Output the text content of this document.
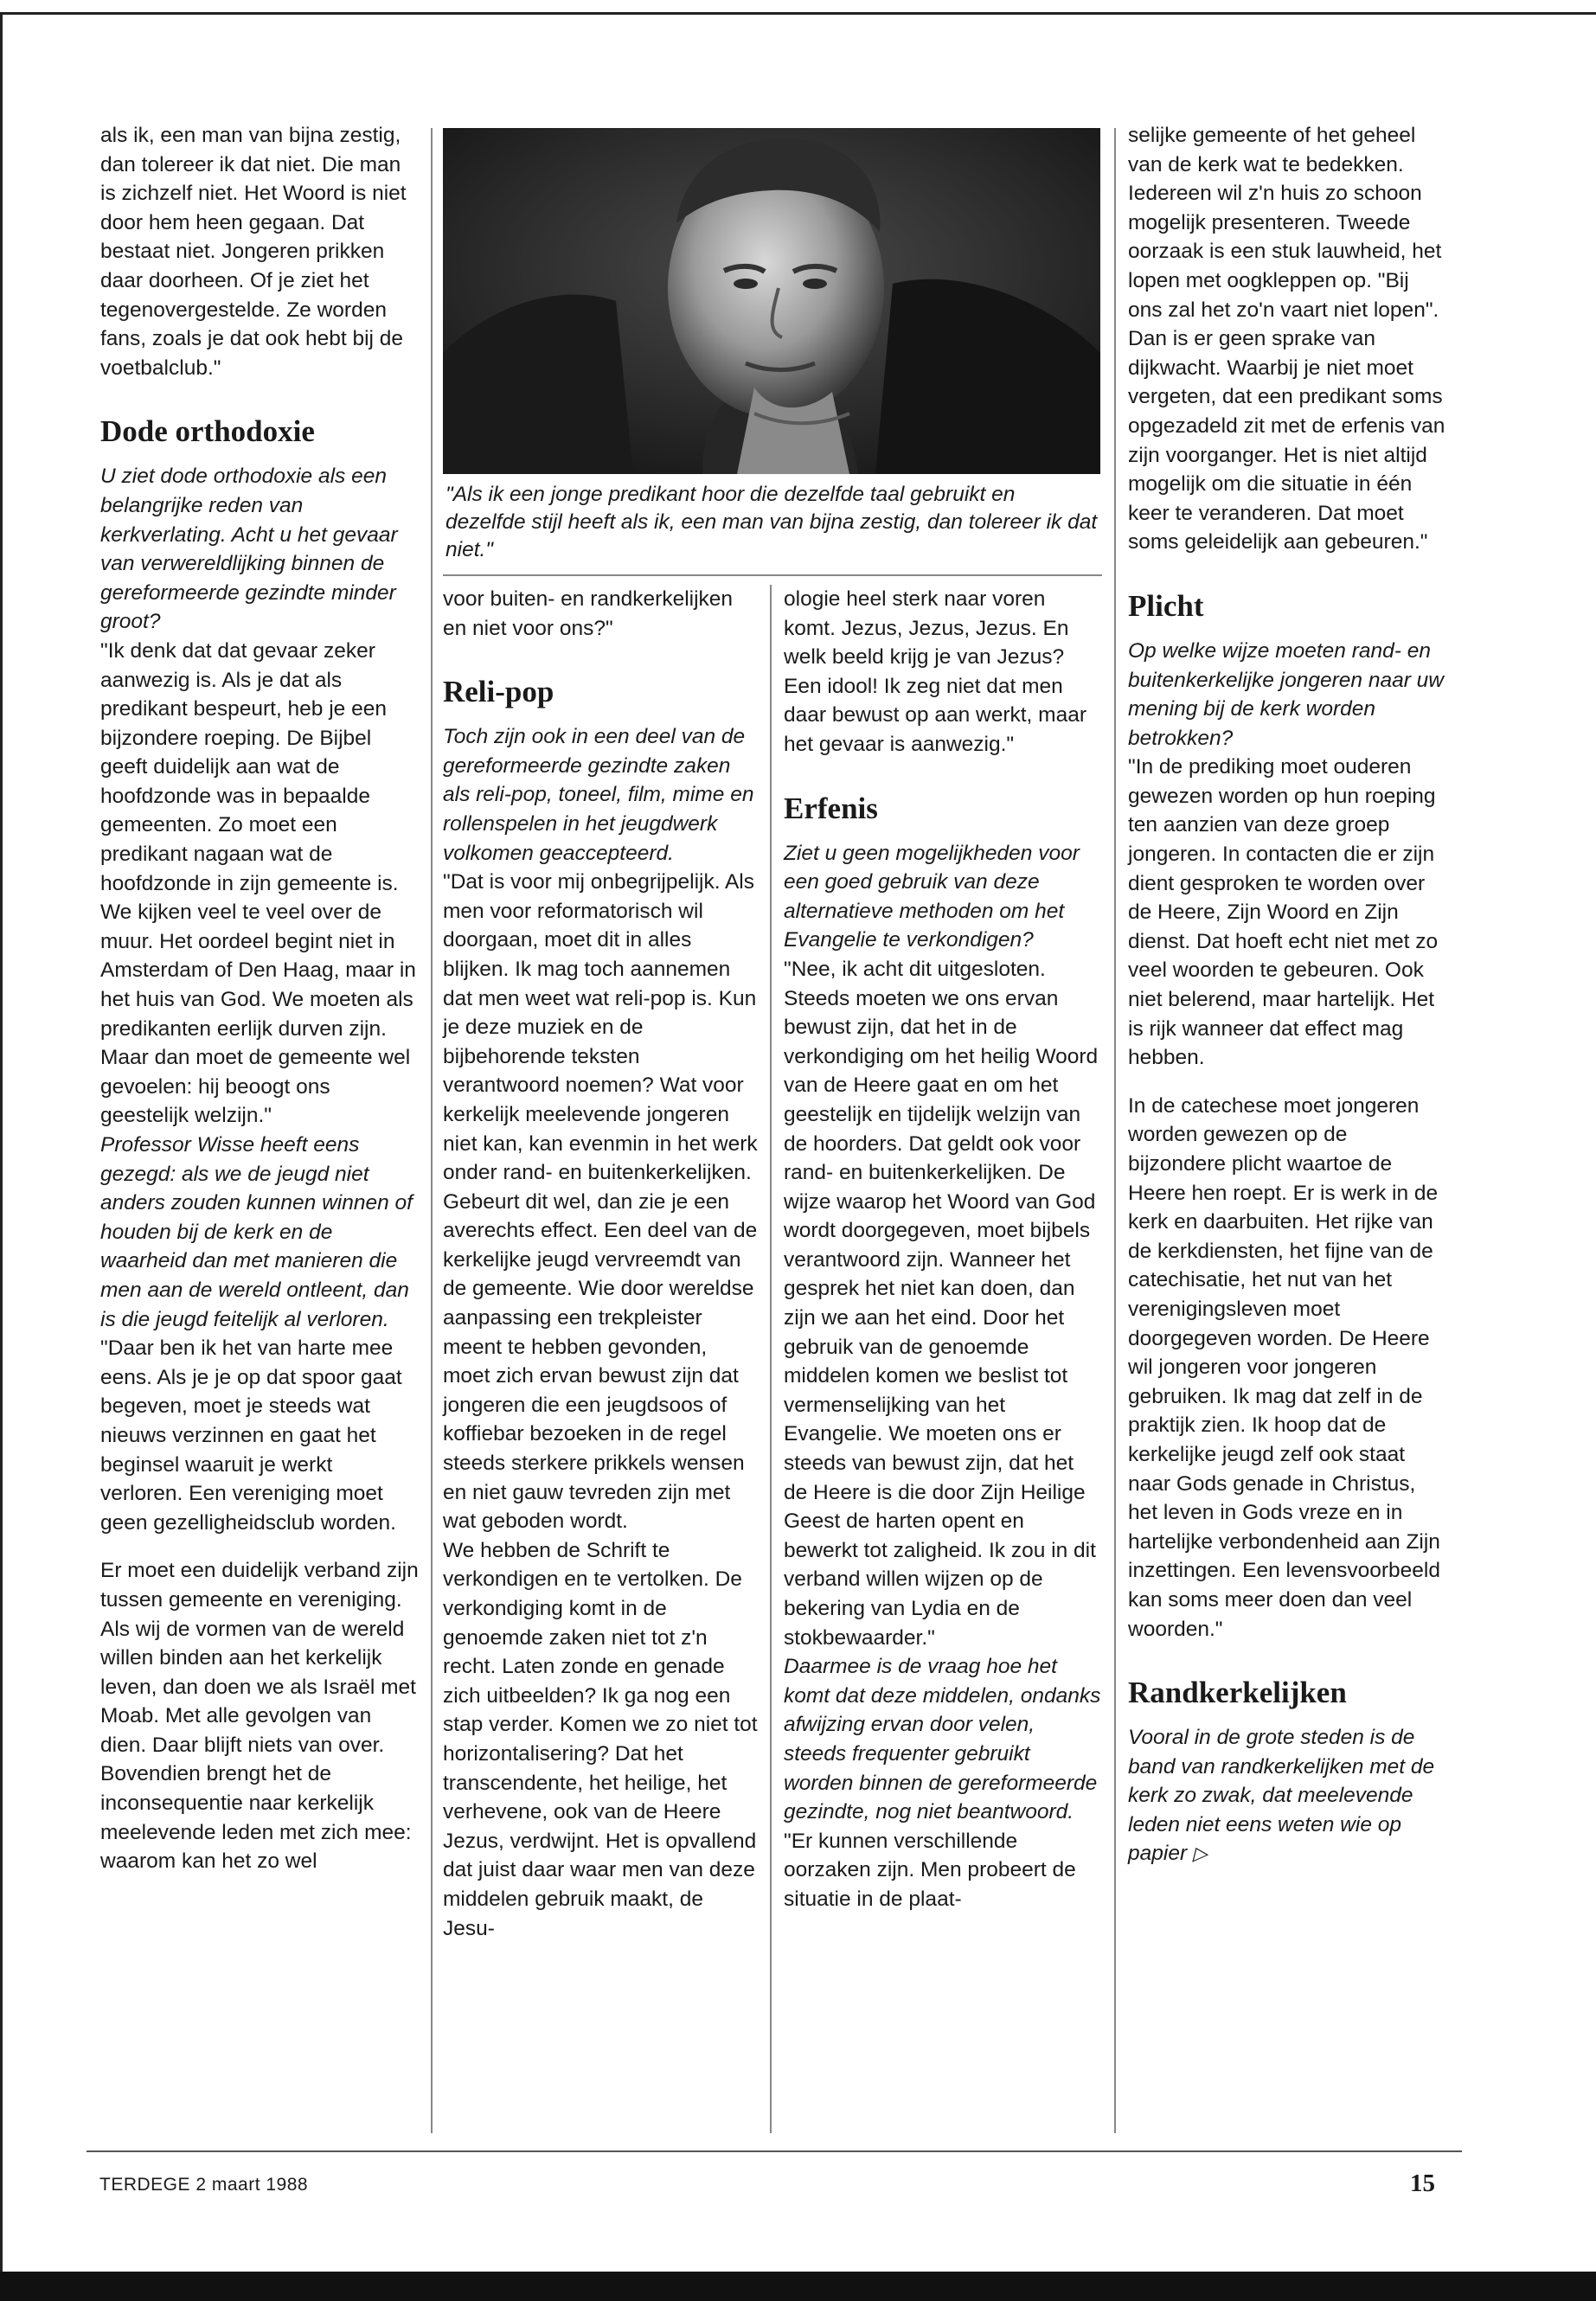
als ik, een man van bijna zestig, dan tolereer ik dat niet. Die man is zichzelf niet. Het Woord is niet door hem heen gegaan. Dat bestaat niet. Jongeren prikken daar doorheen. Of je ziet het tegenovergestelde. Ze worden fans, zoals je dat ook hebt bij de voetbalclub."

Dode orthodoxie

U ziet dode orthodoxie als een belangrijke reden van kerkverlating. Acht u het gevaar van verwereldlijking binnen de gereformeerde gezindte minder groot?

"Ik denk dat dat gevaar zeker aanwezig is. Als je dat als predikant bespeurt, heb je een bijzondere roeping. De Bijbel geeft duidelijk aan wat de hoofdzonde was in bepaalde gemeenten. Zo moet een predikant nagaan wat de hoofdzonde in zijn gemeente is. We kijken veel te veel over de muur. Het oordeel begint niet in Amsterdam of Den Haag, maar in het huis van God. We moeten als predikanten eerlijk durven zijn. Maar dan moet de gemeente wel gevoelen: hij beoogt ons geestelijk welzijn."

Professor Wisse heeft eens gezegd: als we de jeugd niet anders zouden kunnen winnen of houden bij de kerk en de waarheid dan met manieren die men aan de wereld ontleent, dan is die jeugd feitelijk al verloren.

"Daar ben ik het van harte mee eens. Als je je op dat spoor gaat begeven, moet je steeds wat nieuws verzinnen en gaat het beginsel waaruit je werkt verloren. Een vereniging moet geen gezelligheidsclub worden.

Er moet een duidelijk verband zijn tussen gemeente en vereniging. Als wij de vormen van de wereld willen binden aan het kerkelijk leven, dan doen we als Israël met Moab. Met alle gevolgen van dien. Daar blijft niets van over. Bovendien brengt het de inconsequentie naar kerkelijk meelevende leden met zich mee: waarom kan het zo wel

"Als ik een jonge predikant hoor die dezelfde taal gebruikt en dezelfde stijl heeft als ik, een man van bijna zestig, dan tolereer ik dat niet."

voor buiten- en randkerkelijken en niet voor ons?"

Reli-pop

Toch zijn ook in een deel van de gereformeerde gezindte zaken als reli-pop, toneel, film, mime en rollenspelen in het jeugdwerk volkomen geaccepteerd.

"Dat is voor mij onbegrijpelijk. Als men voor reformatorisch wil doorgaan, moet dit in alles blijken. Ik mag toch aannemen dat men weet wat reli-pop is. Kun je deze muziek en de bijbehorende teksten verantwoord noemen? Wat voor kerkelijk meelevende jongeren niet kan, kan evenmin in het werk onder rand- en buitenkerkelijken. Gebeurt dit wel, dan zie je een averechts effect. Een deel van de kerkelijke jeugd vervreemdt van de gemeente. Wie door wereldse aanpassing een trekpleister meent te hebben gevonden, moet zich ervan bewust zijn dat jongeren die een jeugdsoos of koffiebar bezoeken in de regel steeds sterkere prikkels wensen en niet gauw tevreden zijn met wat geboden wordt.

We hebben de Schrift te verkondigen en te vertolken. De verkondiging komt in de genoemde zaken niet tot z'n recht. Laten zonde en genade zich uitbeelden? Ik ga nog een stap verder. Komen we zo niet tot horizontalisering? Dat het transcendente, het heilige, het verhevene, ook van de Heere Jezus, verdwijnt. Het is opvallend dat juist daar waar men van deze middelen gebruik maakt, de Jesu-

ologie heel sterk naar voren komt. Jezus, Jezus, Jezus. En welk beeld krijg je van Jezus? Een idool! Ik zeg niet dat men daar bewust op aan werkt, maar het gevaar is aanwezig."

Erfenis

Ziet u geen mogelijkheden voor een goed gebruik van deze alternatieve methoden om het Evangelie te verkondigen?

"Nee, ik acht dit uitgesloten. Steeds moeten we ons ervan bewust zijn, dat het in de verkondiging om het heilig Woord van de Heere gaat en om het geestelijk en tijdelijk welzijn van de hoorders. Dat geldt ook voor rand- en buitenkerkelijken. De wijze waarop het Woord van God wordt doorgegeven, moet bijbels verantwoord zijn. Wanneer het gesprek het niet kan doen, dan zijn we aan het eind. Door het gebruik van de genoemde middelen komen we beslist tot vermenselijking van het Evangelie. We moeten ons er steeds van bewust zijn, dat het de Heere is die door Zijn Heilige Geest de harten opent en bewerkt tot zaligheid. Ik zou in dit verband willen wijzen op de bekering van Lydia en de stokbewaarder."

Daarmee is de vraag hoe het komt dat deze middelen, ondanks afwijzing ervan door velen, steeds frequenter gebruikt worden binnen de gereformeerde gezindte, nog niet beantwoord.

"Er kunnen verschillende oorzaken zijn. Men probeert de situatie in de plaat-

selijke gemeente of het geheel van de kerk wat te bedekken. Iedereen wil z'n huis zo schoon mogelijk presenteren. Tweede oorzaak is een stuk lauwheid, het lopen met oogkleppen op. "Bij ons zal het zo'n vaart niet lopen". Dan is er geen sprake van dijkwacht. Waarbij je niet moet vergeten, dat een predikant soms opgezadeld zit met de erfenis van zijn voorganger. Het is niet altijd mogelijk om die situatie in één keer te veranderen. Dat moet soms geleidelijk aan gebeuren."

Plicht

Op welke wijze moeten rand- en buitenkerkelijke jongeren naar uw mening bij de kerk worden betrokken?

"In de prediking moet ouderen gewezen worden op hun roeping ten aanzien van deze groep jongeren. In contacten die er zijn dient gesproken te worden over de Heere, Zijn Woord en Zijn dienst. Dat hoeft echt niet met zo veel woorden te gebeuren. Ook niet belerend, maar hartelijk. Het is rijk wanneer dat effect mag hebben.

In de catechese moet jongeren worden gewezen op de bijzondere plicht waartoe de Heere hen roept. Er is werk in de kerk en daarbuiten. Het rijke van de kerkdiensten, het fijne van de catechisatie, het nut van het verenigingsleven moet doorgegeven worden. De Heere wil jongeren voor jongeren gebruiken. Ik mag dat zelf in de praktijk zien. Ik hoop dat de kerkelijke jeugd zelf ook staat naar Gods genade in Christus, het leven in Gods vreze en in hartelijke verbondenheid aan Zijn inzettingen. Een levensvoorbeeld kan soms meer doen dan veel woorden."

Randkerkelijken

Vooral in de grote steden is de band van randkerkelijken met de kerk zo zwak, dat meelevende leden niet eens weten wie op papier ▷

TERDEGE 2 maart 1988	15
